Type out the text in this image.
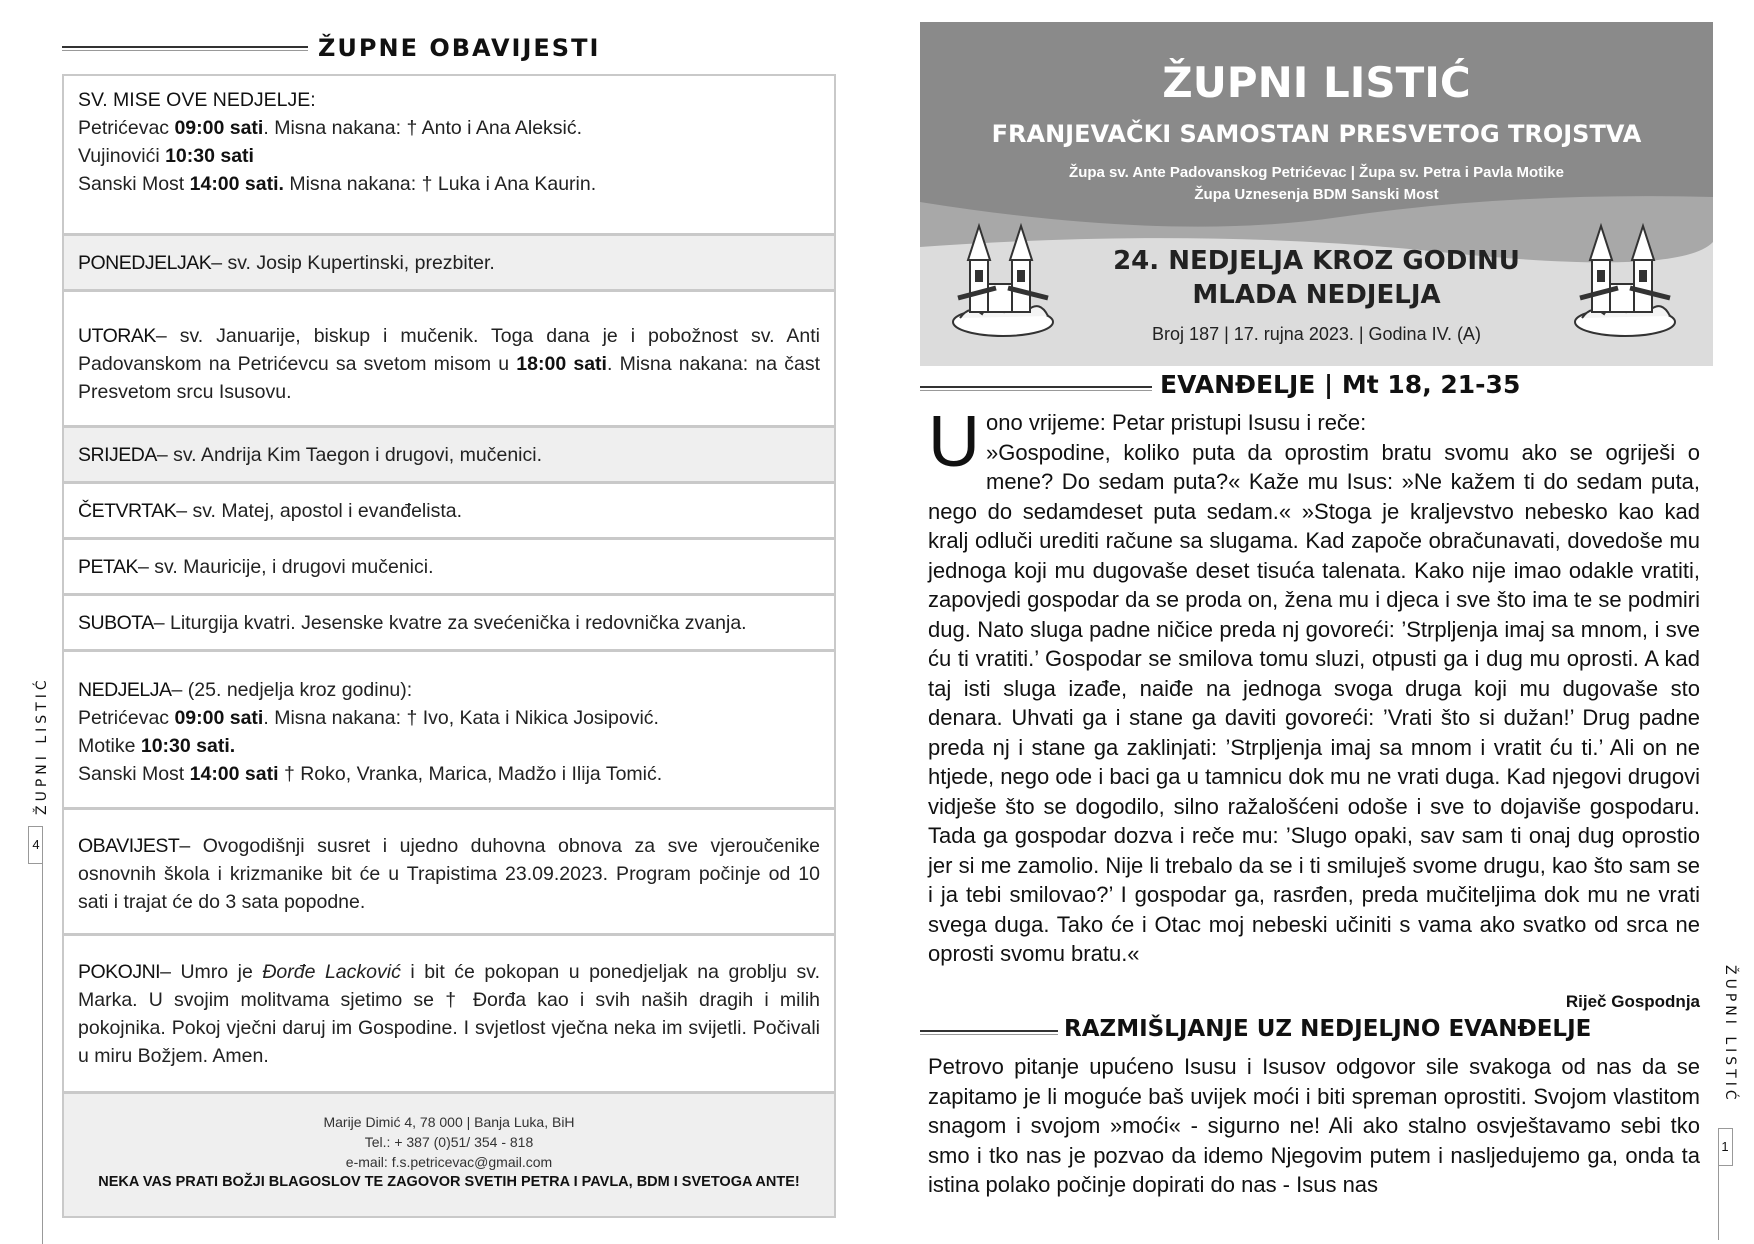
ŽUPNE OBAVIJESTI
SV. MISE OVE NEDJELJE:
Petrićevac 09:00 sati. Misna nakana: † Anto i Ana Aleksić.
Vujinovići 10:30 sati
Sanski Most 14:00 sati. Misna nakana: † Luka i Ana Kaurin.
PONEDJELJAK– sv. Josip Kupertinski, prezbiter.
UTORAK– sv. Januarije, biskup i mučenik. Toga dana je i pobožnost sv. Anti Padovanskom na Petrićevcu sa svetom misom u 18:00 sati. Misna nakana: na čast Presvetom srcu Isusovu.
SRIJEDA– sv. Andrija Kim Taegon i drugovi, mučenici.
ČETVRTAK– sv. Matej, apostol i evanđelista.
PETAK– sv. Mauricije, i drugovi mučenici.
SUBOTA– Liturgija kvatri. Jesenske kvatre za svećenička i redovnička zvanja.
NEDJELJA– (25. nedjelja kroz godinu):
Petrićevac 09:00 sati. Misna nakana: † Ivo, Kata i Nikica Josipović.
Motike 10:30 sati.
Sanski Most 14:00 sati † Roko, Vranka, Marica, Madžo i Ilija Tomić.
OBAVIJEST– Ovogodišnji susret i ujedno duhovna obnova za sve vjeroučenike osnovnih škola i krizmanike bit će u Trapistima 23.09.2023. Program počinje od 10 sati i trajat će do 3 sata popodne.
POKOJNI– Umro je Đorđe Lacković i bit će pokopan u ponedjeljak na groblju sv. Marka. U svojim molitvama sjetimo se † Đorđa kao i svih naših dragih i milih pokojnika. Pokoj vječni daruj im Gospodine. I svjetlost vječna neka im svijetli. Počivali u miru Božjem. Amen.
Marije Dimić 4, 78 000 | Banja Luka, BiH
Tel.: + 387 (0)51/ 354 - 818
e-mail: f.s.petricevac@gmail.com
NEKA VAS PRATI BOŽJI BLAGOSLOV TE ZAGOVOR SVETIH PETRA I PAVLA, BDM I SVETOGA ANTE!
ŽUPNI LISTIĆ
4
ŽUPNI LISTIĆ
FRANJEVAČKI SAMOSTAN PRESVETOG TROJSTVA
Župa sv. Ante Padovanskog Petrićevac | Župa sv. Petra i Pavla Motike
Župa Uznesenja BDM Sanski Most
24. NEDJELJA KROZ GODINU
MLADA NEDJELJA
Broj 187 | 17. rujna 2023. | Godina IV. (A)
EVANĐELJE | Mt 18, 21-35
U ono vrijeme: Petar pristupi Isusu i reče:
»Gospodine, koliko puta da oprostim bratu svomu ako se ogriješi o mene? Do sedam puta?« Kaže mu Isus: »Ne kažem ti do sedam puta, nego do sedamdeset puta sedam.« »Stoga je kraljevstvo nebesko kao kad kralj odluči urediti račune sa slugama. Kad započe obračunavati, dovedoše mu jednoga koji mu dugovaše deset tisuća talenata. Kako nije imao odakle vratiti, zapovjedi gospodar da se proda on, žena mu i djeca i sve što ima te se podmiri dug. Nato sluga padne ničice preda nj govoreći: ’Strpljenja imaj sa mnom, i sve ću ti vratiti.’ Gospodar se smilova tomu sluzi, otpusti ga i dug mu oprosti. A kad taj isti sluga izađe, naiđe na jednoga svoga druga koji mu dugovaše sto denara. Uhvati ga i stane ga daviti govoreći: ’Vrati što si dužan!’ Drug padne preda nj i stane ga zaklinjati: ’Strpljenja imaj sa mnom i vratit ću ti.’ Ali on ne htjede, nego ode i baci ga u tamnicu dok mu ne vrati duga. Kad njegovi drugovi vidješe što se dogodilo, silno ražalošćeni odoše i sve to dojaviše gospodaru. Tada ga gospodar dozva i reče mu: ’Slugo opaki, sav sam ti onaj dug oprostio jer si me zamolio. Nije li trebalo da se i ti smiluješ svome drugu, kao što sam se i ja tebi smilovao?’ I gospodar ga, rasrđen, preda mučiteljima dok mu ne vrati svega duga. Tako će i Otac moj nebeski učiniti s vama ako svatko od srca ne oprosti svomu bratu.«
Riječ Gospodnja
RAZMIŠLJANJE UZ NEDJELJNO EVANĐELJE
Petrovo pitanje upućeno Isusu i Isusov odgovor sile svakoga od nas da se zapitamo je li moguće baš uvijek moći i biti spreman oprostiti. Svojom vlastitom snagom i svojom »moći« - sigurno ne! Ali ako stalno osvještavamo sebi tko smo i tko nas je pozvao da idemo Njegovim putem i nasljedujemo ga, onda ta istina polako počinje dopirati do nas - Isus nas
ŽUPNI LISTIĆ
1
